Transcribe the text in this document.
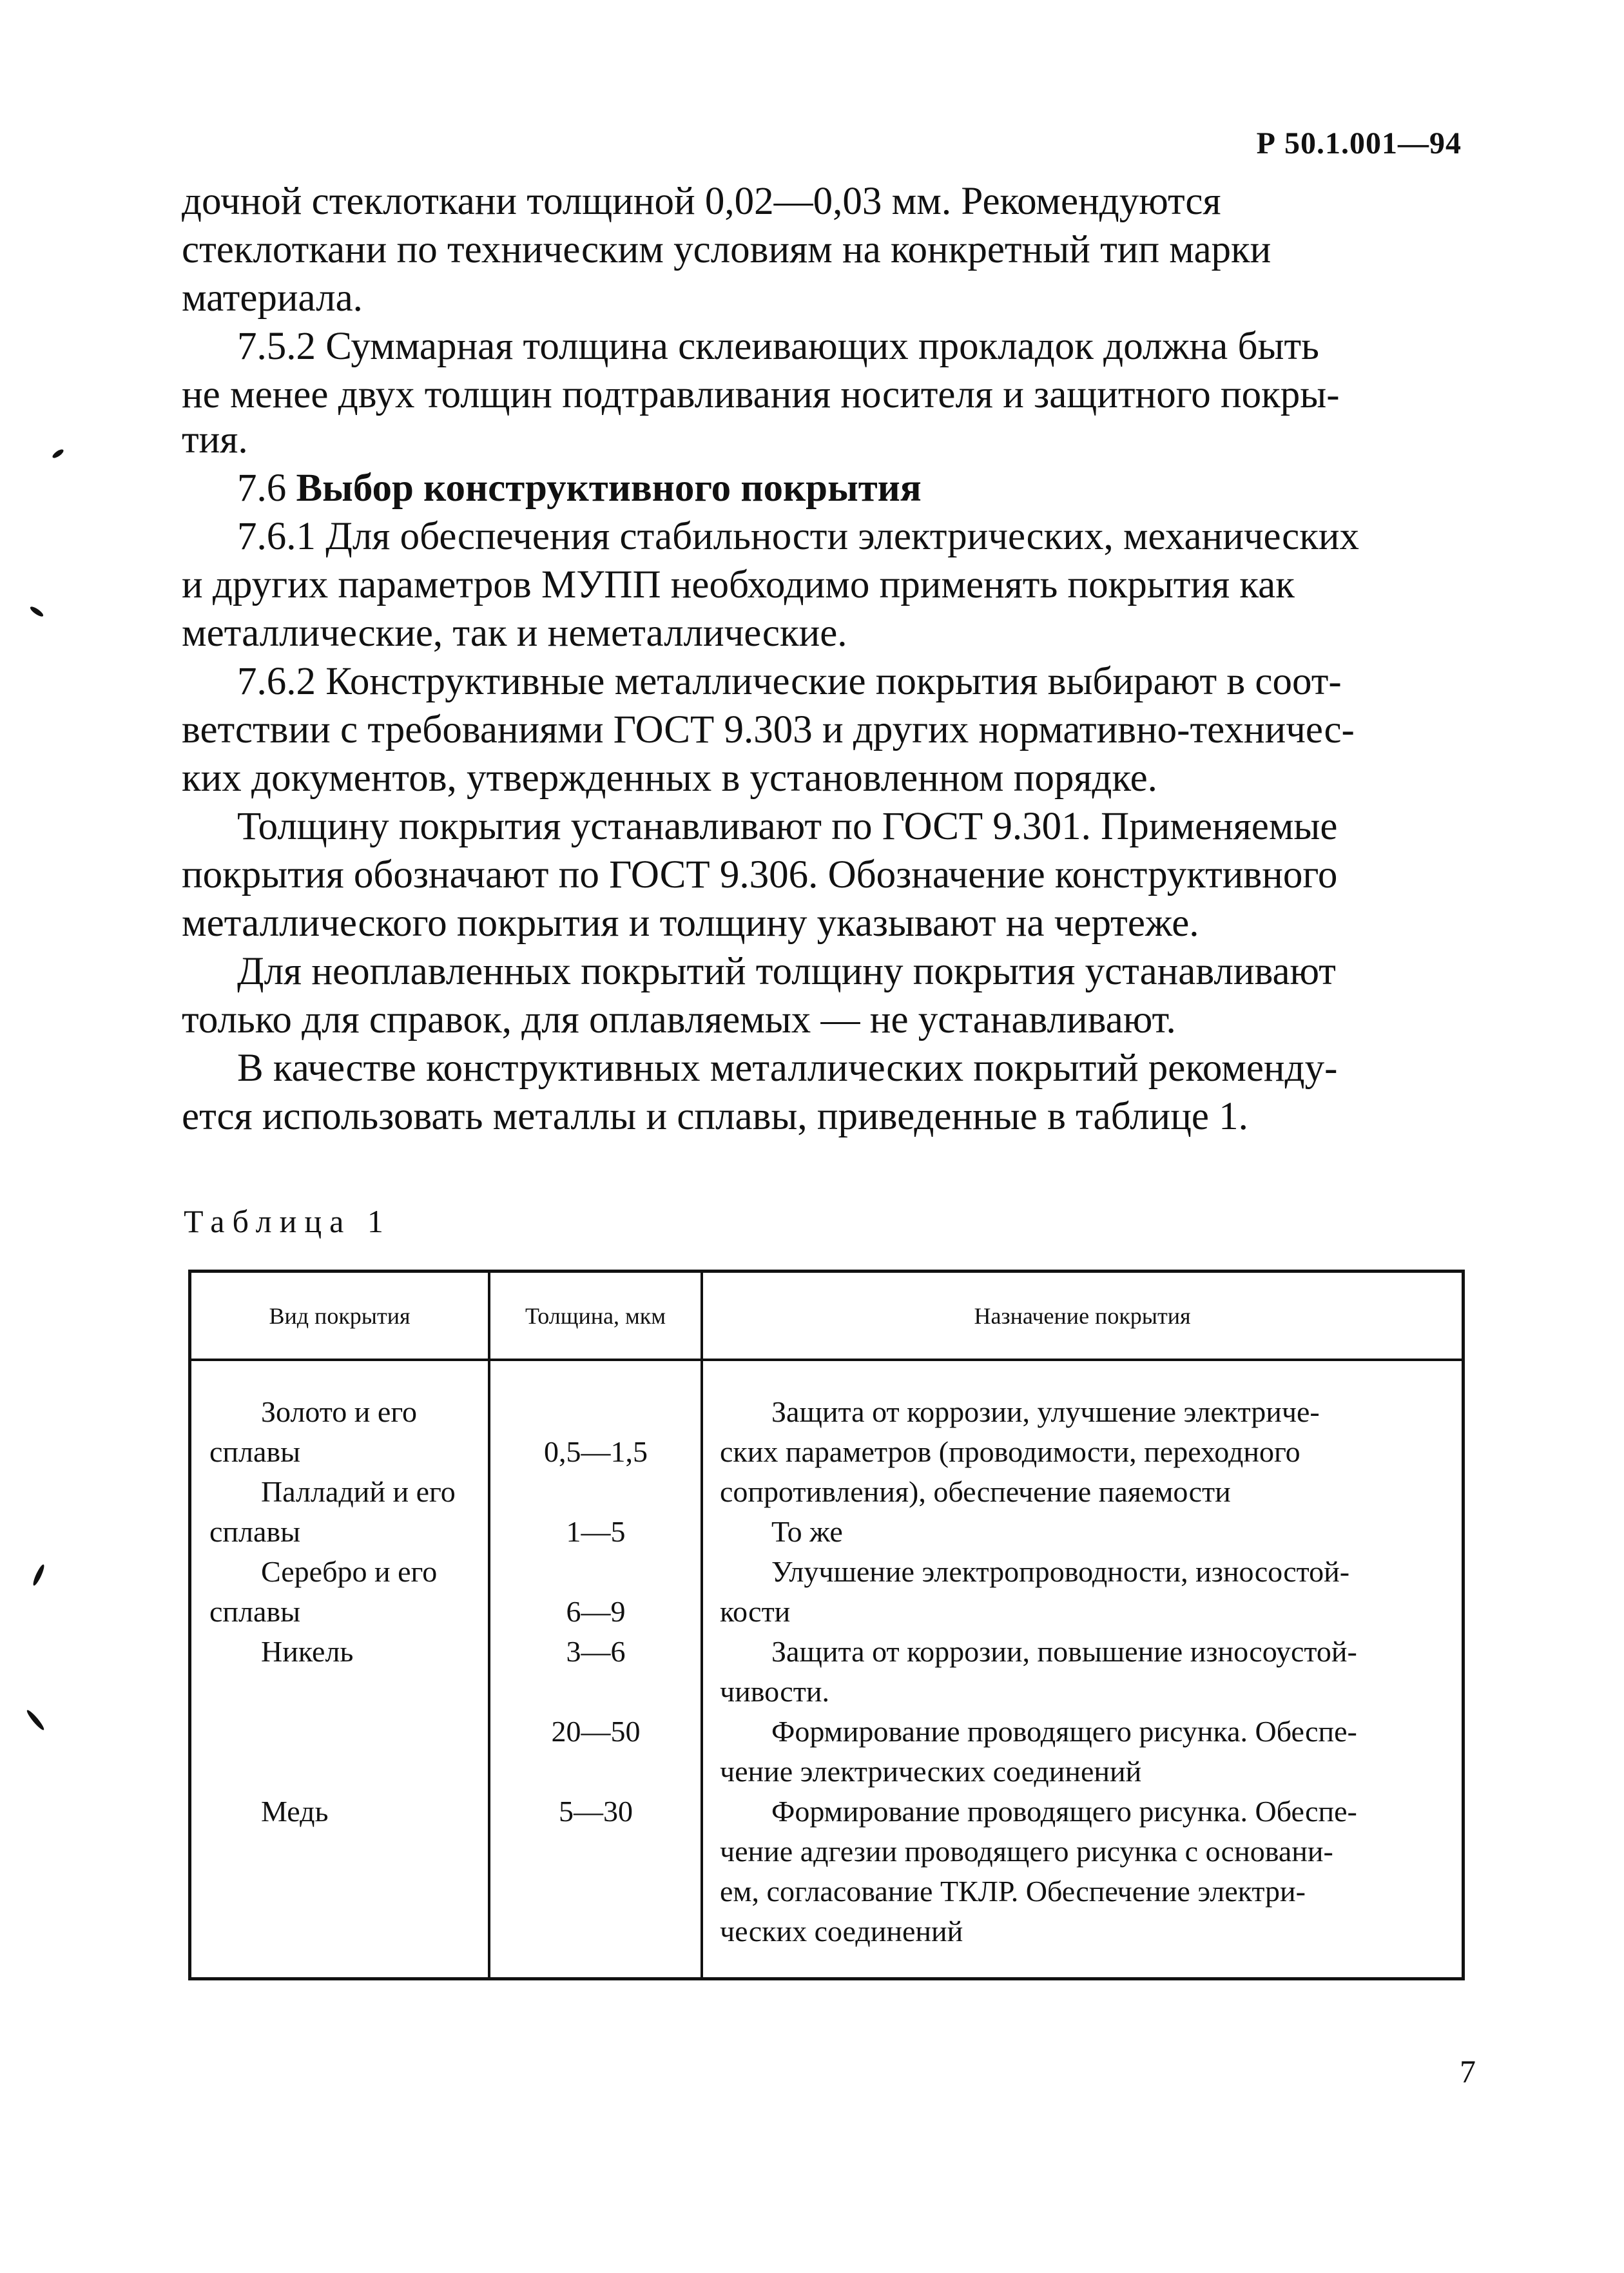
Р 50.1.001—94

дочной стеклоткани толщиной 0,02—0,03 мм. Рекомендуются

стеклоткани по техническим условиям на конкретный тип марки

материала.

7.5.2 Суммарная толщина склеивающих прокладок должна быть

не менее двух толщин подтравливания носителя и защитного покры-

тия.

7.6 Выбор конструктивного покрытия

7.6.1 Для обеспечения стабильности электрических, механических

и других параметров МУПП необходимо применять покрытия как

металлические, так и неметаллические.

7.6.2 Конструктивные металлические покрытия выбирают в соот-

ветствии с требованиями ГОСТ 9.303 и других нормативно-техничес-

ких документов, утвержденных в установленном порядке.

Толщину покрытия устанавливают по ГОСТ 9.301. Применяемые

покрытия обозначают по ГОСТ 9.306. Обозначение конструктивного

металлического покрытия и толщину указывают на чертеже.

Для неоплавленных покрытий толщину покрытия устанавливают

только для справок, для оплавляемых — не устанавливают.

В качестве конструктивных металлических покрытий рекоменду-

ется использовать металлы и сплавы, приведенные в таблице 1.

Таблица 1
Вид покрытия	Толщина, мкм	Назначение покрытия

Золото и его

сплавы

Палладий и его

сплавы

Серебро и его

сплавы

Никель

Медь

0,5—1,5

1—5

6—9

3—6

20—50

5—30

Защита от коррозии, улучшение электриче-

ских параметров (проводимости, переходного

сопротивления), обеспечение паяемости

То же

Улучшение электропроводности, износостой-

кости

Защита от коррозии, повышение износоустой-

чивости.

Формирование проводящего рисунка. Обеспе-

чение электрических соединений

Формирование проводящего рисунка. Обеспе-

чение адгезии проводящего рисунка с основани-

ем, согласование ТКЛР. Обеспечение электри-

ческих соединений

7
